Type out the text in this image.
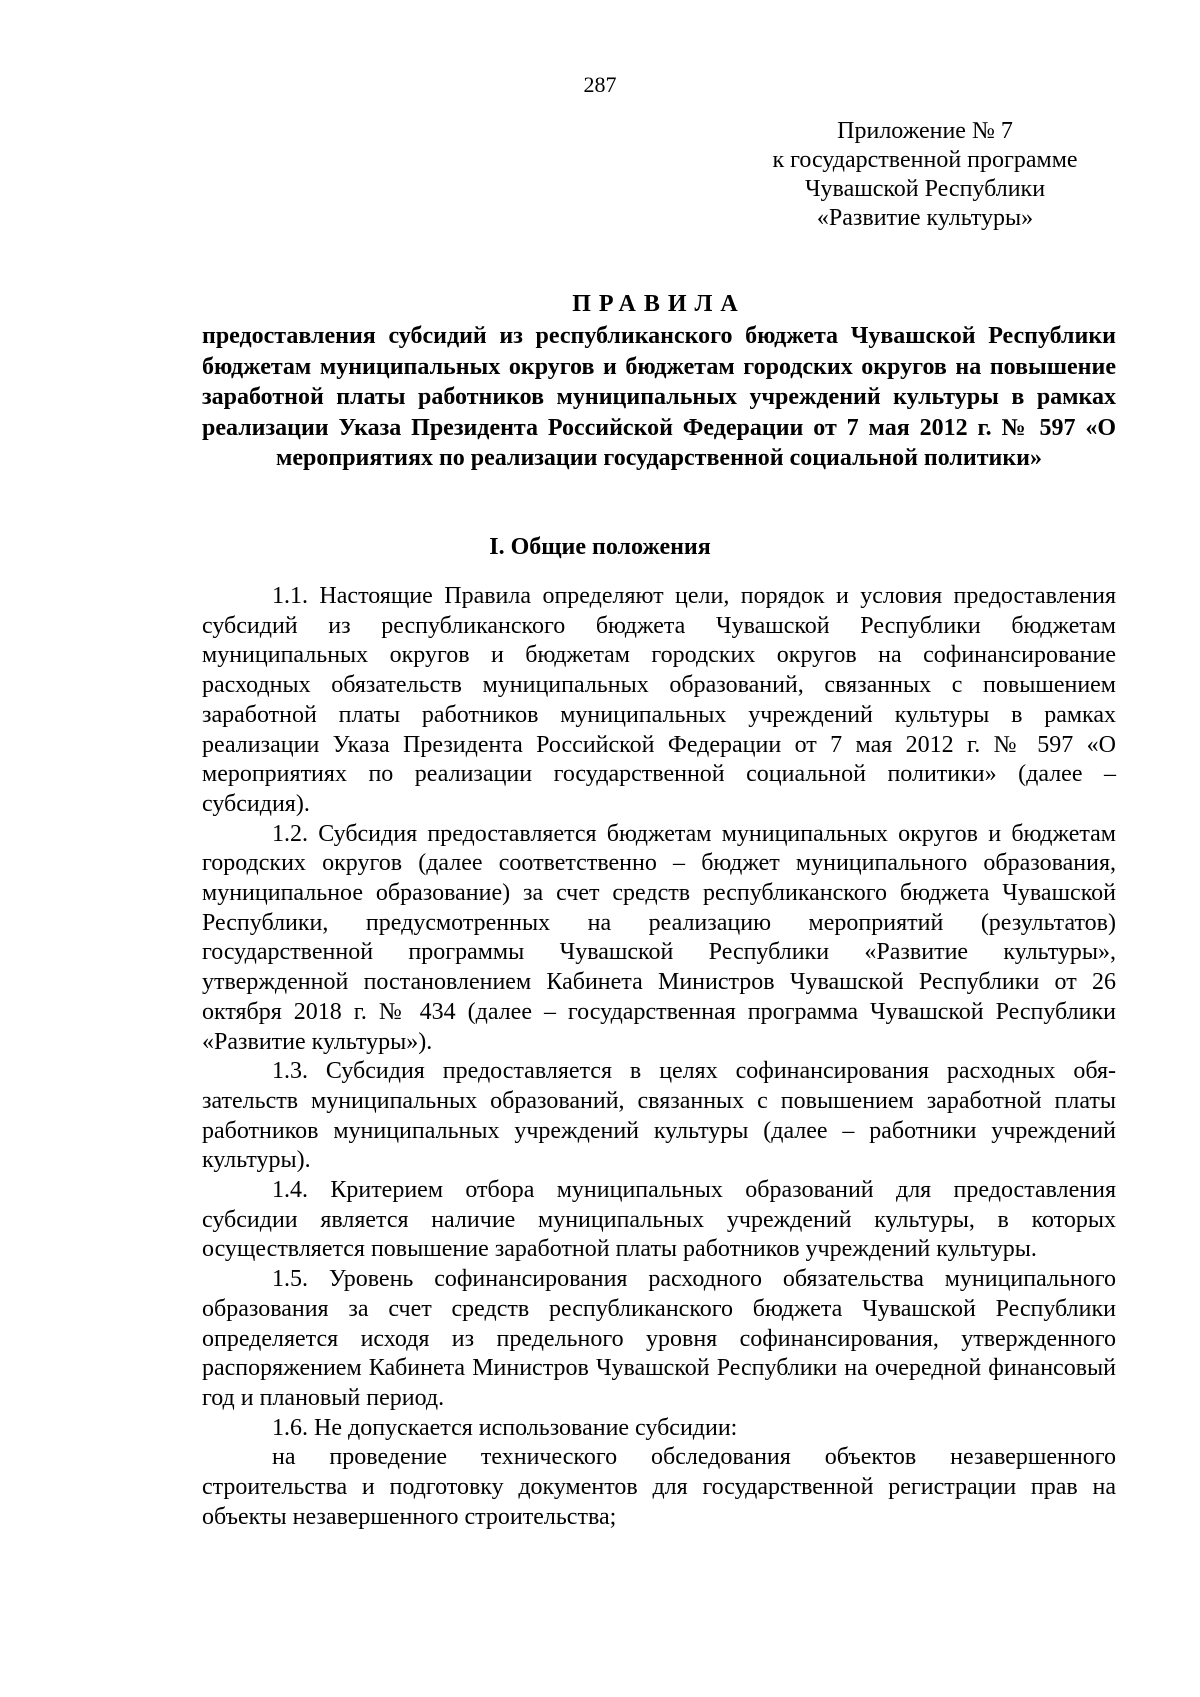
287
Приложение № 7
к государственной программе
Чувашской Республики
«Развитие культуры»
ПРАВИЛА
предоставления субсидий из республиканского бюджета Чувашской Республики бюджетам муниципальных округов и бюджетам городских округов на повышение заработной платы работников муниципальных учреждений культуры в рамках реализации Указа Президента Российской Федерации от 7 мая 2012 г. № 597 «О мероприятиях по реализации государственной социальной политики»
I. Общие положения

1.1. Настоящие Правила определяют цели, порядок и условия предоставления субсидий из республиканского бюджета Чувашской Республики бюджетам муниципальных округов и бюджетам городских округов на софинансирование расходных обязательств муниципальных образований, связанных с повышением заработной платы работников муниципальных учреждений культуры в рамках реализации Указа Президента Российской Федерации от 7 мая 2012 г. № 597 «О мероприятиях по реализации государственной социальной политики» (далее – субсидия).

1.2. Субсидия предоставляется бюджетам муниципальных округов и бюджетам городских округов (далее соответственно – бюджет муниципального образования, муниципальное образование) за счет средств республиканского бюджета Чувашской Республики, предусмотренных на реализацию мероприятий (результатов) государственной программы Чувашской Республики «Развитие культуры», утвержденной постановлением Кабинета Министров Чувашской Республики от 26 октября 2018 г. № 434 (далее – государственная программа Чувашской Республики «Развитие культуры»).

1.3. Субсидия предоставляется в целях софинансирования расходных обязательств муниципальных образований, связанных с повышением заработной платы работников муниципальных учреждений культуры (далее – работники учреждений культуры).

1.4. Критерием отбора муниципальных образований для предоставления субсидии является наличие муниципальных учреждений культуры, в которых осуществляется повышение заработной платы работников учреждений культуры.

1.5. Уровень софинансирования расходного обязательства муниципального образования за счет средств республиканского бюджета Чувашской Республики определяется исходя из предельного уровня софинансирования, утвержденного распоряжением Кабинета Министров Чувашской Республики на очередной финансовый год и плановый период.

1.6. Не допускается использование субсидии:

на проведение технического обследования объектов незавершенного строительства и подготовку документов для государственной регистрации прав на объекты незавершенного строительства;
